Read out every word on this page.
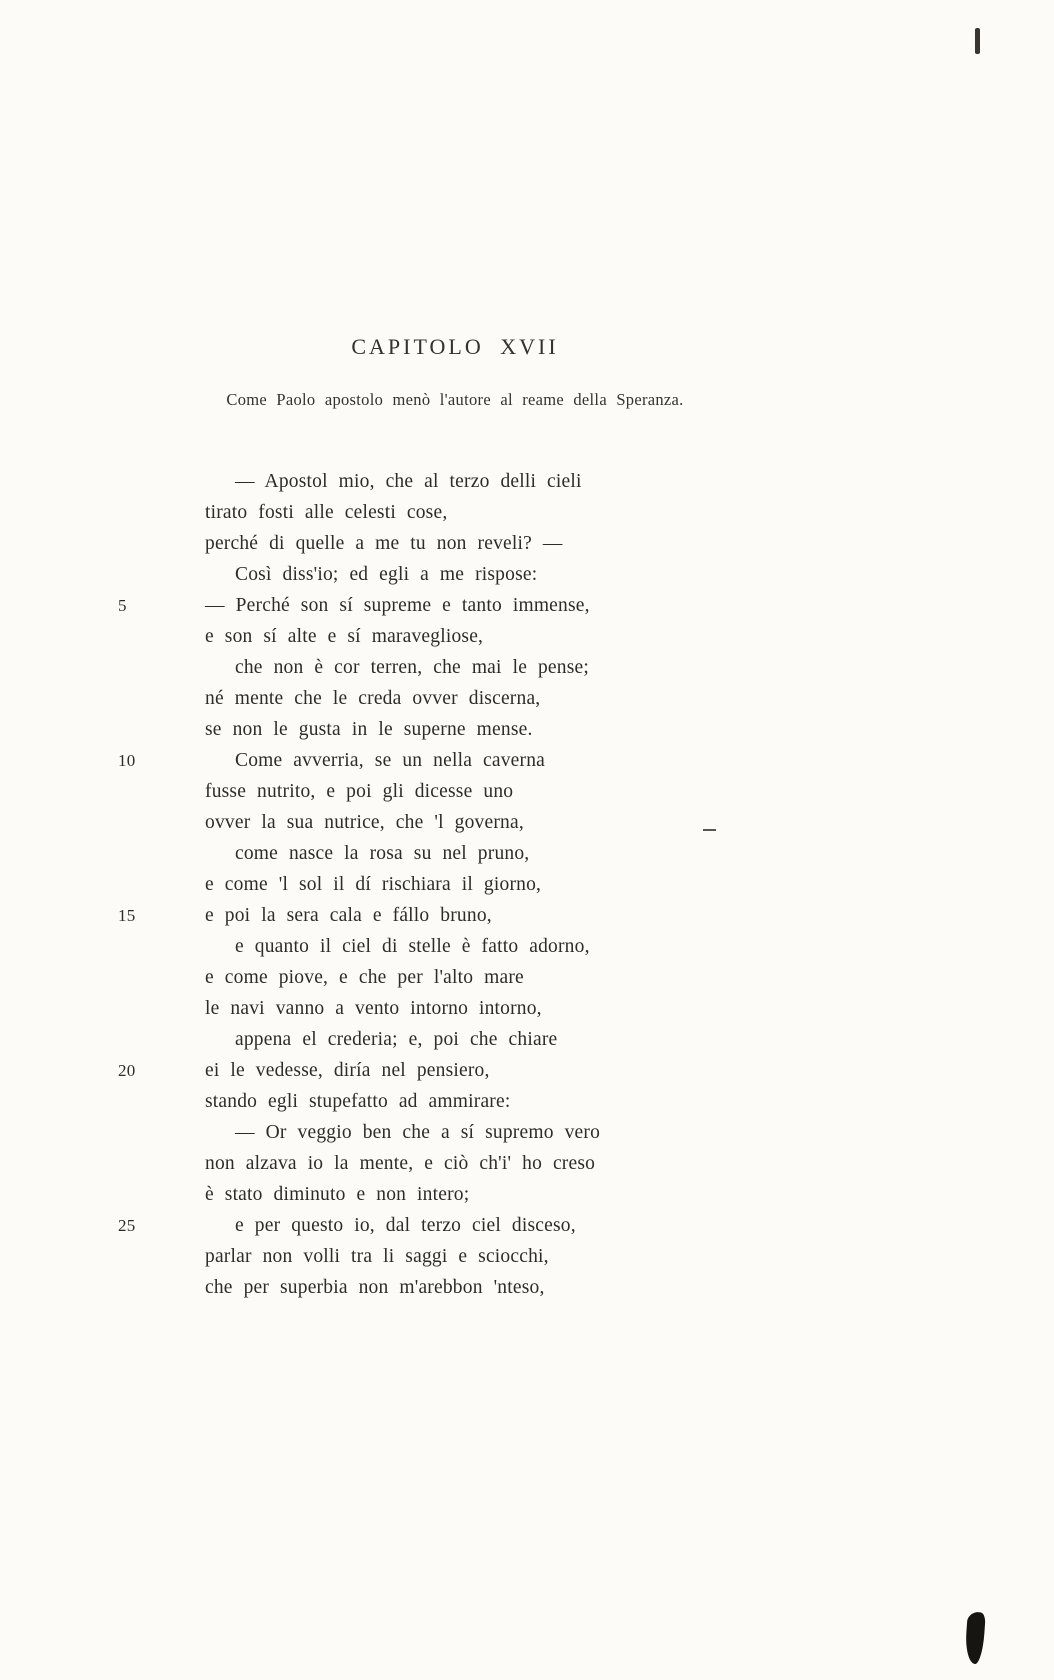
CAPITOLO XVII
Come Paolo apostolo menò l'autore al reame della Speranza.
— Apostol mio, che al terzo delli cieli
tirato fosti alle celesti cose,
perché di quelle a me tu non reveli? —
Così diss'io; ed egli a me rispose:
5	— Perché son sí supreme e tanto immense,
e son sí alte e sí maravegliose,
che non è cor terren, che mai le pense;
né mente che le creda ovver discerna,
se non le gusta in le superne mense.
10	Come avverria, se un nella caverna
fusse nutrito, e poi gli dicesse uno
ovver la sua nutrice, che 'l governa,
come nasce la rosa su nel pruno,
e come 'l sol il dí rischiara il giorno,
15	e poi la sera cala e fállo bruno,
e quanto il ciel di stelle è fatto adorno,
e come piove, e che per l'alto mare
le navi vanno a vento intorno intorno,
appena el crederia; e, poi che chiare
20	ei le vedesse, diría nel pensiero,
stando egli stupefatto ad ammirare:
— Or veggio ben che a sí supremo vero
non alzava io la mente, e ciò ch'i' ho creso
è stato diminuto e non intero;
25	e per questo io, dal terzo ciel disceso,
parlar non volli tra li saggi e sciocchi,
che per superbia non m'arebbon 'nteso,
